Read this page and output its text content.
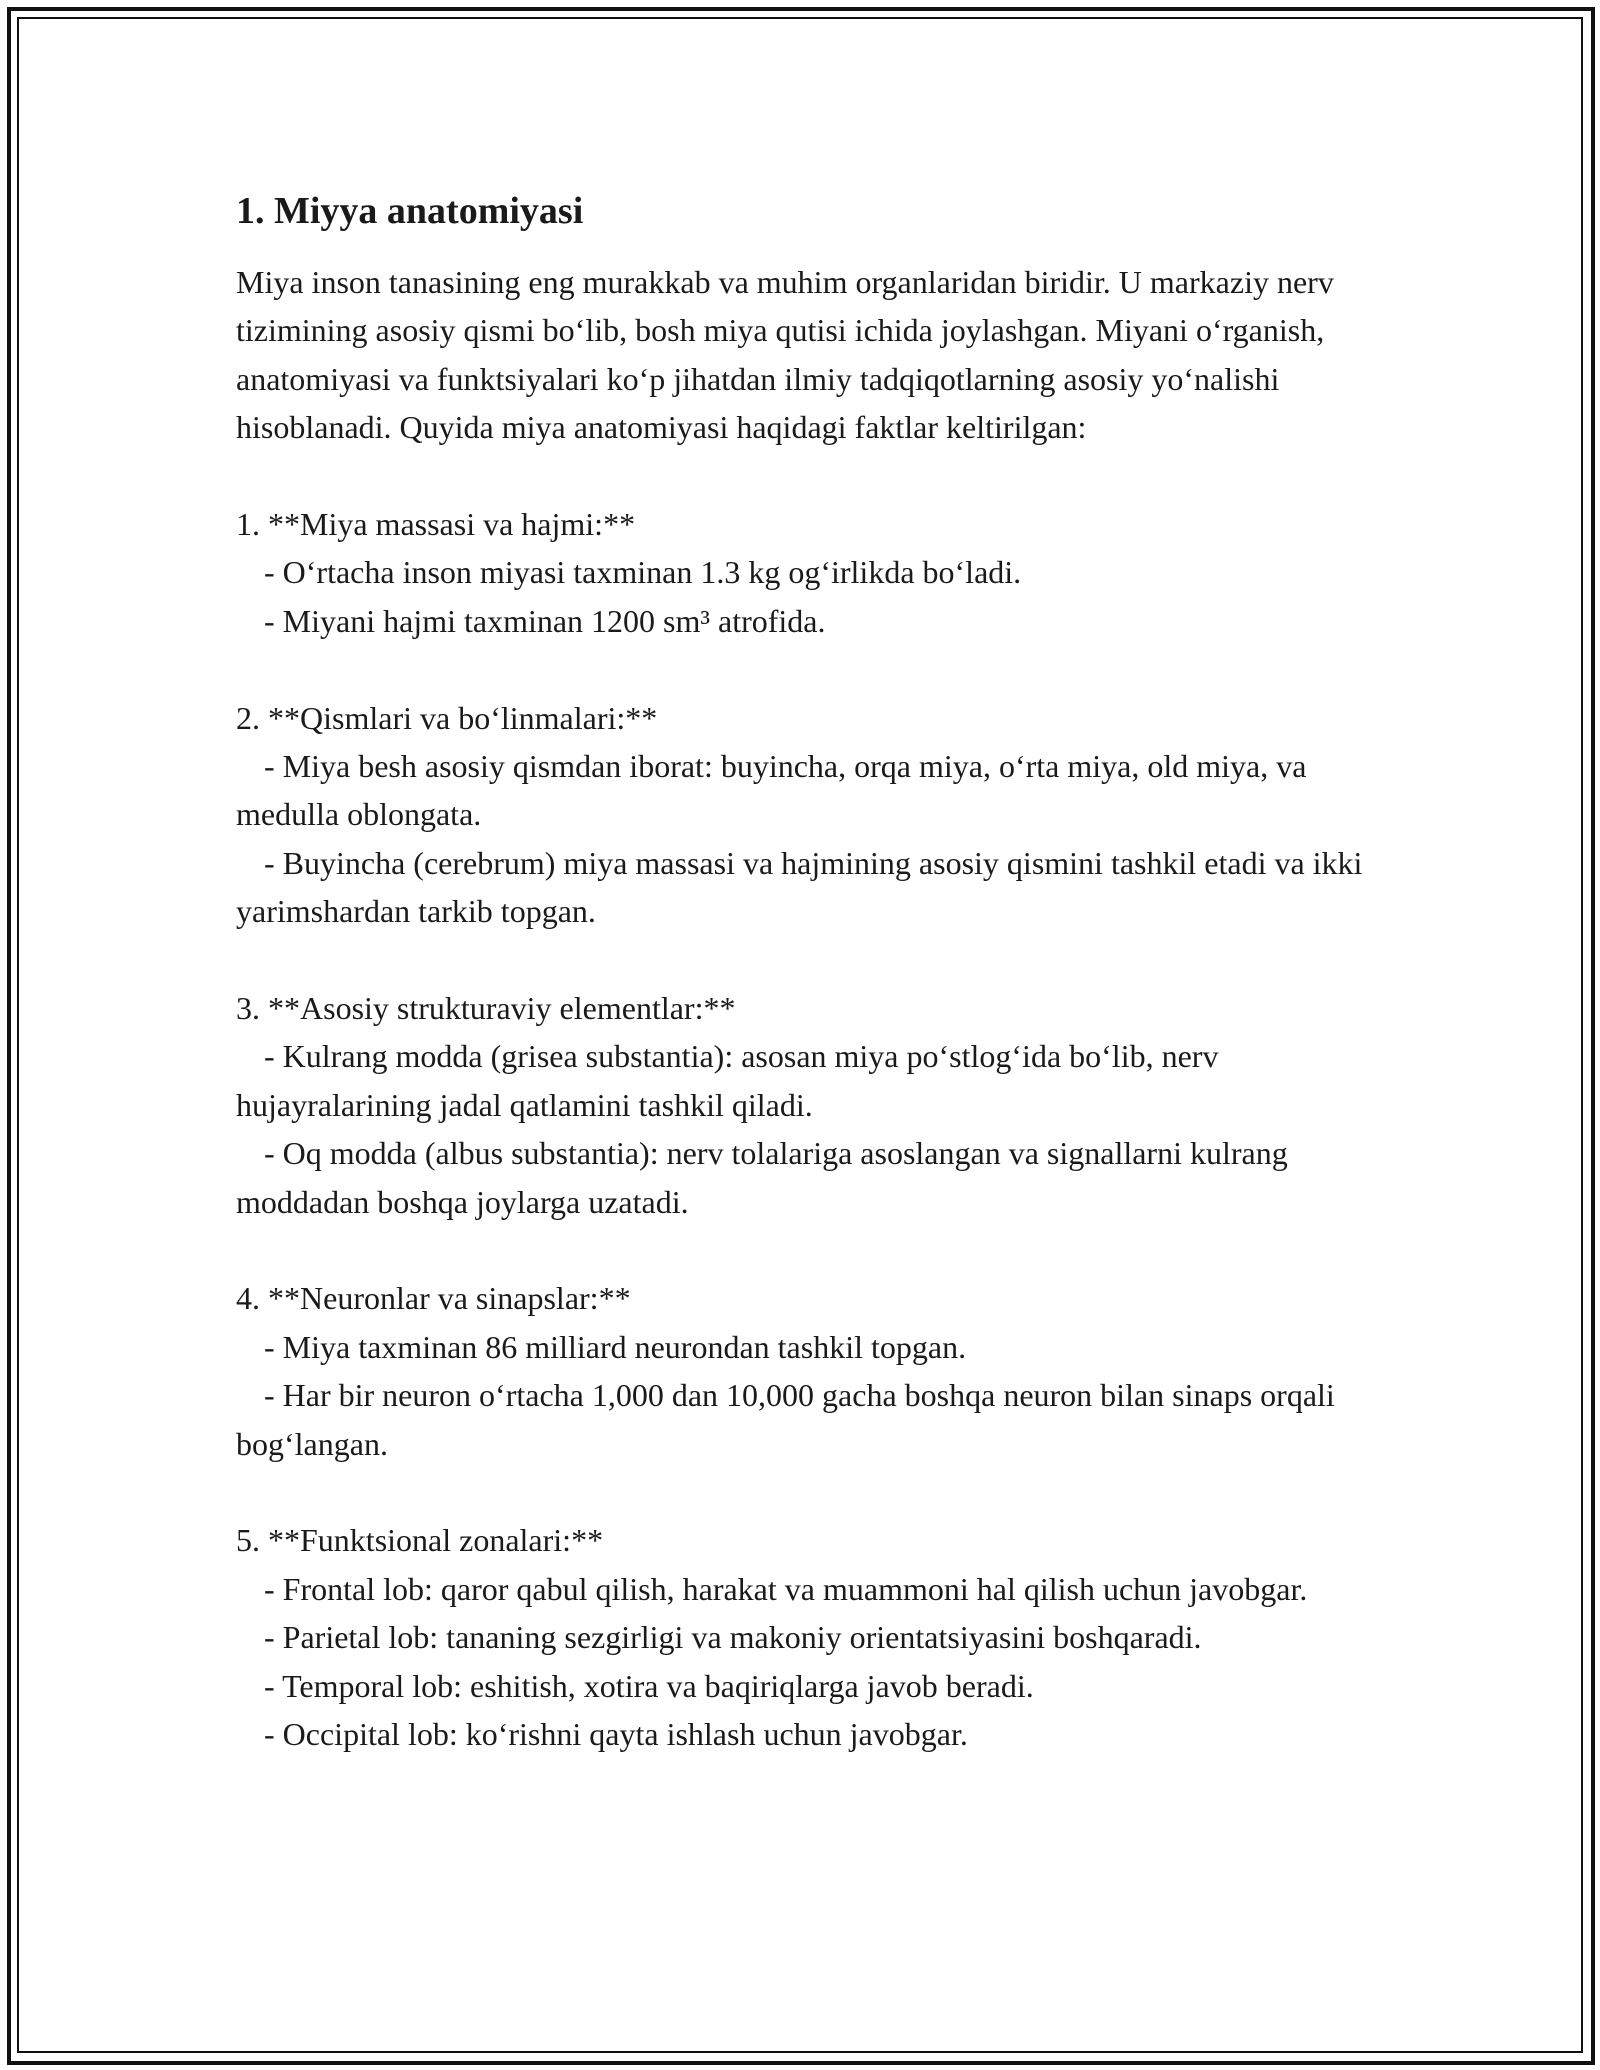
1. Miyya anatomiyasi

Miya inson tanasining eng murakkab va muhim organlaridan biridir. U markaziy nerv tizimining asosiy qismi bo‘lib, bosh miya qutisi ichida joylashgan. Miyani o‘rganish, anatomiyasi va funktsiyalari ko‘p jihatdan ilmiy tadqiqotlarning asosiy yo‘nalishi hisoblanadi. Quyida miya anatomiyasi haqidagi faktlar keltirilgan:

1. **Miya massasi va hajmi:**

- O‘rtacha inson miyasi taxminan 1.3 kg og‘irlikda bo‘ladi.

- Miyani hajmi taxminan 1200 sm³ atrofida.

2. **Qismlari va bo‘linmalari:**

- Miya besh asosiy qismdan iborat: buyincha, orqa miya, o‘rta miya, old miya, va medulla oblongata.

- Buyincha (cerebrum) miya massasi va hajmining asosiy qismini tashkil etadi va ikki yarimshardan tarkib topgan.

3. **Asosiy strukturaviy elementlar:**

- Kulrang modda (grisea substantia): asosan miya po‘stlog‘ida bo‘lib, nerv hujayralarining jadal qatlamini tashkil qiladi.

- Oq modda (albus substantia): nerv tolalariga asoslangan va signallarni kulrang moddadan boshqa joylarga uzatadi.

4. **Neuronlar va sinapslar:**

- Miya taxminan 86 milliard neurondan tashkil topgan.

- Har bir neuron o‘rtacha 1,000 dan 10,000 gacha boshqa neuron bilan sinaps orqali bog‘langan.

5. **Funktsional zonalari:**

- Frontal lob: qaror qabul qilish, harakat va muammoni hal qilish uchun javobgar.

- Parietal lob: tananing sezgirligi va makoniy orientatsiyasini boshqaradi.

- Temporal lob: eshitish, xotira va baqiriqlarga javob beradi.

- Occipital lob: ko‘rishni qayta ishlash uchun javobgar.
